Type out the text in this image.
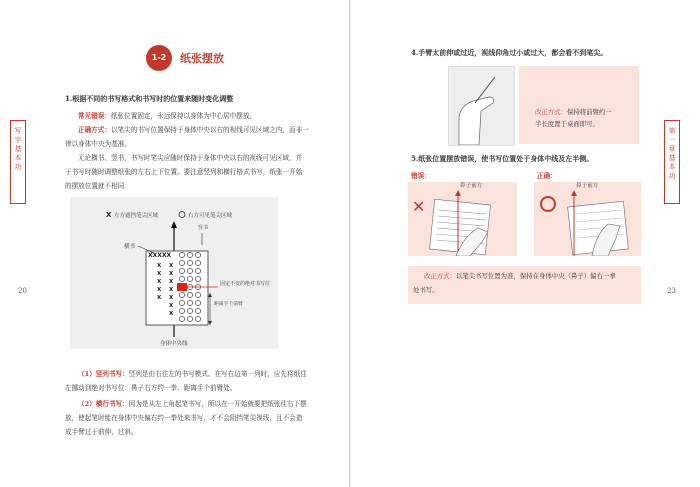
写字基本功
20
1-2	纸张摆放
1.根据不同的书写格式和书写时的位置来随时变化调整
常见错误：纸张位置固定，永远保持以身体为中心居中摆放。
正确方式：以笔尖的书写位置保持于身体中央以右的视线可见区域之内，而非一
律以身体中央为基准。
无论横书、竖书，书写时笔尖应随时保持于身体中央以右的视线可见区域，并
于书写时随时调整纸张的左右上下位置。要注意竖列和横行格式书写，纸张一开始
的摆放位置就不相同：
X 左方遮挡笔尖区域	右方可见笔尖区域
身体中央线
横书
XXXXX
竖书
X
X
X
X
X
X
X
X
X
X
X
X
固定不变的绝对书写位
距离手个前臂
（1）竖列书写：竖列是由右往左的书写模式。在写右边第一列时，应先将纸往
左挪动到绝对书写位：鼻子右方约一拳、距离手个前臂处。
（2）横行书写：因为是从左上角起笔书写，所以在一开始就要把纸张往右下摆
放，使起笔时能在身体中央偏右约一拳处来书写，才不会阻挡笔尖视线，且不会造
成手臂过于前伸、过斜。
4.手臂太前伸或过近，视线仰角过小或过大，都会看不到笔尖。
改正方式：保持将前臂约一
半长度置于桌面即可。
5.纸张位置摆放错误，使书写位置处于身体中线及左半侧。
错误：	正确：
✕
鼻子前方	鼻子前方
改正方式：以笔尖书写位置为准，保持在身体中央（鼻子）偏右一拳
处书写。
第一章 基本功
23
